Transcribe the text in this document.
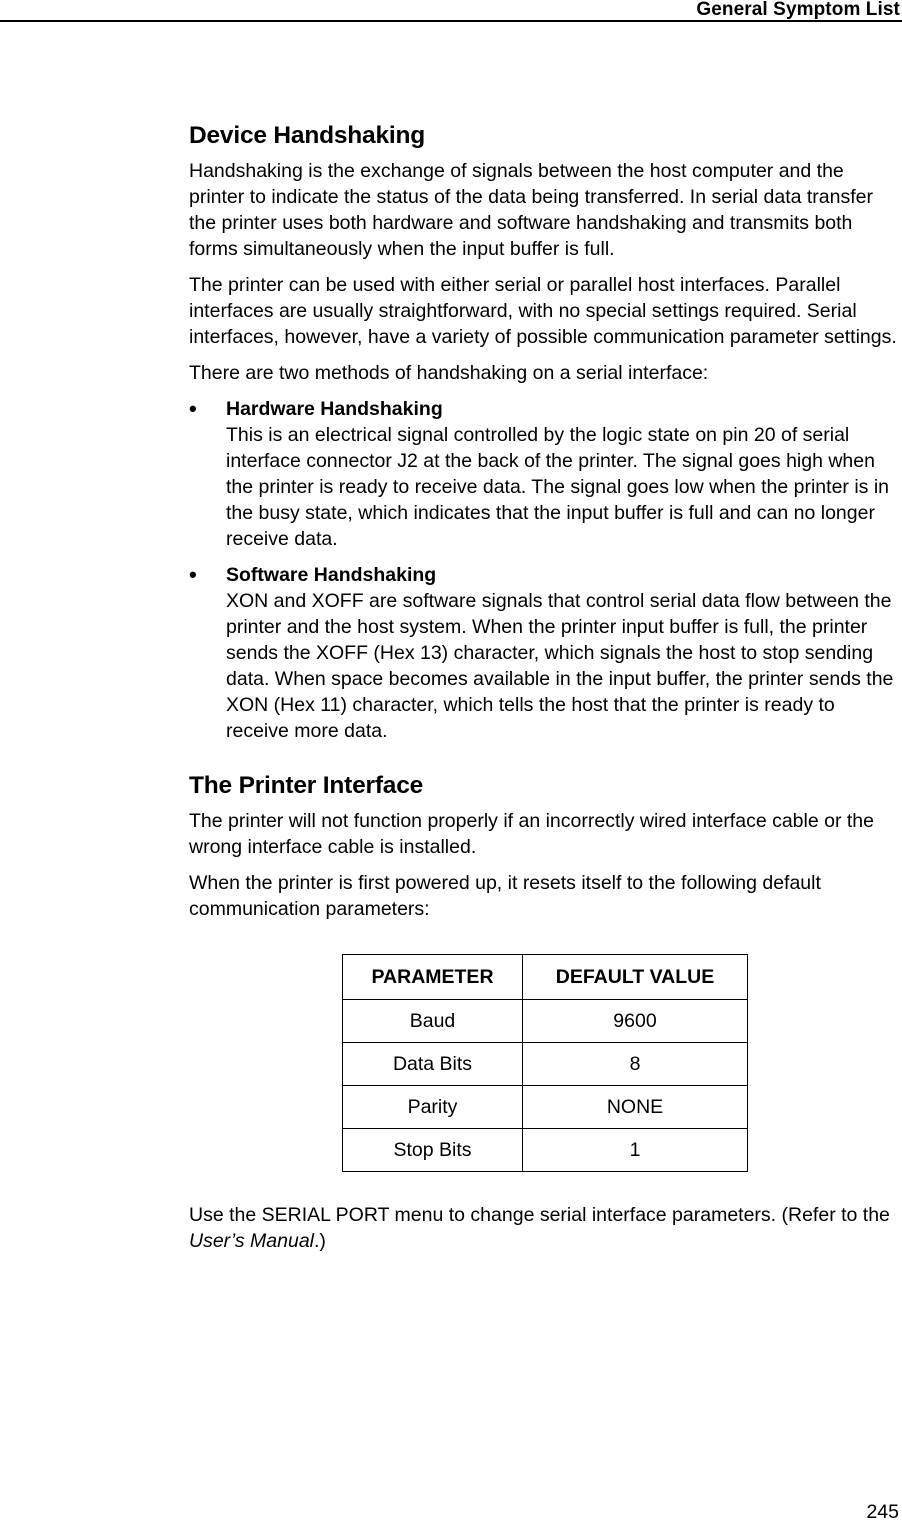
General Symptom List
Device Handshaking

Handshaking is the exchange of signals between the host computer and the printer to indicate the status of the data being transferred. In serial data transfer the printer uses both hardware and software handshaking and transmits both forms simultaneously when the input buffer is full.

The printer can be used with either serial or parallel host interfaces. Parallel interfaces are usually straightforward, with no special settings required. Serial interfaces, however, have a variety of possible communication parameter settings.

There are two methods of handshaking on a serial interface:

• Hardware Handshaking
This is an electrical signal controlled by the logic state on pin 20 of serial interface connector J2 at the back of the printer. The signal goes high when the printer is ready to receive data. The signal goes low when the printer is in the busy state, which indicates that the input buffer is full and can no longer receive data.
• Software Handshaking
XON and XOFF are software signals that control serial data flow between the printer and the host system. When the printer input buffer is full, the printer sends the XOFF (Hex 13) character, which signals the host to stop sending data. When space becomes available in the input buffer, the printer sends the XON (Hex 11) character, which tells the host that the printer is ready to receive more data.
The Printer Interface

The printer will not function properly if an incorrectly wired interface cable or the wrong interface cable is installed.

When the printer is first powered up, it resets itself to the following default communication parameters:

PARAMETER	DEFAULT VALUE
Baud	9600
Data Bits	8
Parity	NONE
Stop Bits	1

Use the SERIAL PORT menu to change serial interface parameters. (Refer to the User’s Manual.)

245
